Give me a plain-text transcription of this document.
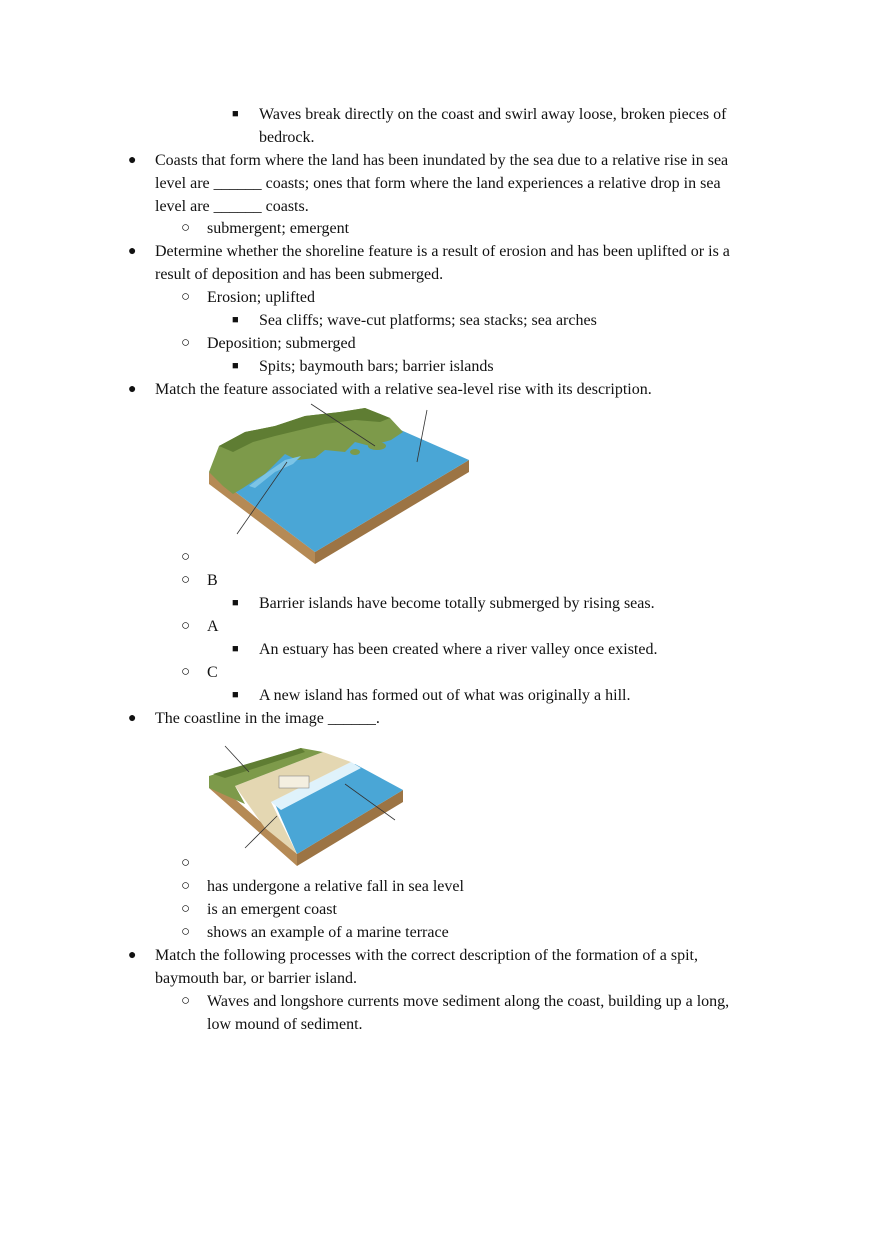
■ Waves break directly on the coast and swirl away loose, broken pieces of
bedrock.
● Coasts that form where the land has been inundated by the sea due to a relative rise in sea
level are ______ coasts; ones that form where the land experiences a relative drop in sea
level are ______ coasts.
○ submergent; emergent
● Determine whether the shoreline feature is a result of erosion and has been uplifted or is a
result of deposition and has been submerged.
○ Erosion; uplifted
■ Sea cliffs; wave-cut platforms; sea stacks; sea arches
○ Deposition; submerged
■ Spits; baymouth bars; barrier islands
● Match the feature associated with a relative sea-level rise with its description.
○
○ B
■ Barrier islands have become totally submerged by rising seas.
○ A
■ An estuary has been created where a river valley once existed.
○ C
■ A new island has formed out of what was originally a hill.
● The coastline in the image ______.
○
○ has undergone a relative fall in sea level
○ is an emergent coast
○ shows an example of a marine terrace
● Match the following processes with the correct description of the formation of a spit,
baymouth bar, or barrier island.
○ Waves and longshore currents move sediment along the coast, building up a long,
low mound of sediment.
